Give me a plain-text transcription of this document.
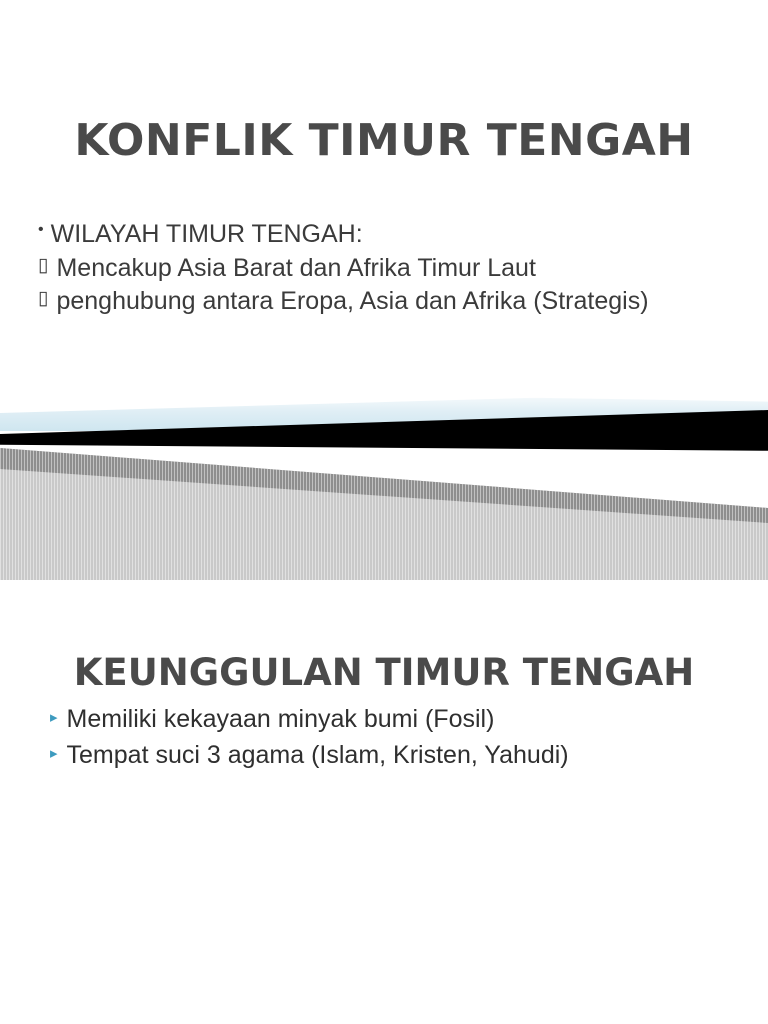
KONFLIK TIMUR TENGAH
• WILAYAH TIMUR TENGAH:
▯ Mencakup Asia Barat dan Afrika Timur Laut
▯ penghubung antara Eropa, Asia dan Afrika (Strategis)
KEUNGGULAN TIMUR TENGAH
▸ Memiliki kekayaan minyak bumi (Fosil)
▸ Tempat suci 3 agama (Islam, Kristen, Yahudi)
